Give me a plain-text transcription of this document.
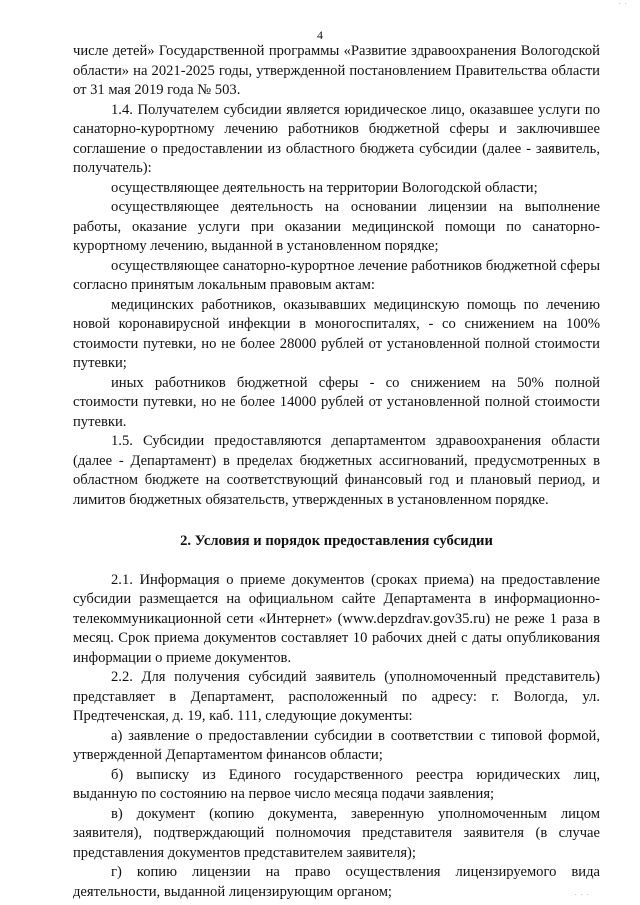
· ·
4

числе детей» Государственной программы «Развитие здравоохранения Вологодской области» на 2021-2025 годы, утвержденной постановлением Правительства области от 31 мая 2019 года № 503.

1.4. Получателем субсидии является юридическое лицо, оказавшее услуги по санаторно-курортному лечению работников бюджетной сферы и заключившее соглашение о предоставлении из областного бюджета субсидии (далее - заявитель, получатель):

осуществляющее деятельность на территории Вологодской области;

осуществляющее деятельность на основании лицензии на выполнение работы, оказание услуги при оказании медицинской помощи по санаторно-курортному лечению, выданной в установленном порядке;

осуществляющее санаторно-курортное лечение работников бюджетной сферы согласно принятым локальным правовым актам:

медицинских работников, оказывавших медицинскую помощь по лечению новой коронавирусной инфекции в моногоспиталях, - со снижением на 100% стоимости путевки, но не более 28000 рублей от установленной полной стоимости путевки;

иных работников бюджетной сферы - со снижением на 50% полной стоимости путевки, но не более 14000 рублей от установленной полной стоимости путевки.

1.5. Субсидии предоставляются департаментом здравоохранения области (далее - Департамент) в пределах бюджетных ассигнований, предусмотренных в областном бюджете на соответствующий финансовый год и плановый период, и лимитов бюджетных обязательств, утвержденных в установленном порядке.

2. Условия и порядок предоставления субсидии

2.1. Информация о приеме документов (сроках приема) на предоставление субсидии размещается на официальном сайте Департамента в информационно-телекоммуникационной сети «Интернет» (www.depzdrav.gov35.ru) не реже 1 раза в месяц. Срок приема документов составляет 10 рабочих дней с даты опубликования информации о приеме документов.

2.2. Для получения субсидий заявитель (уполномоченный представитель) представляет в Департамент, расположенный по адресу: г. Вологда, ул. Предтеченская, д. 19, каб. 111, следующие документы:

а) заявление о предоставлении субсидии в соответствии с типовой формой, утвержденной Департаментом финансов области;

б) выписку из Единого государственного реестра юридических лиц, выданную по состоянию на первое число месяца подачи заявления;

в) документ (копию документа, заверенную уполномоченным лицом заявителя), подтверждающий полномочия представителя заявителя (в случае представления документов представителем заявителя);

г) копию лицензии на право осуществления лицензируемого вида деятельности, выданной лицензирующим органом;	· · ·
